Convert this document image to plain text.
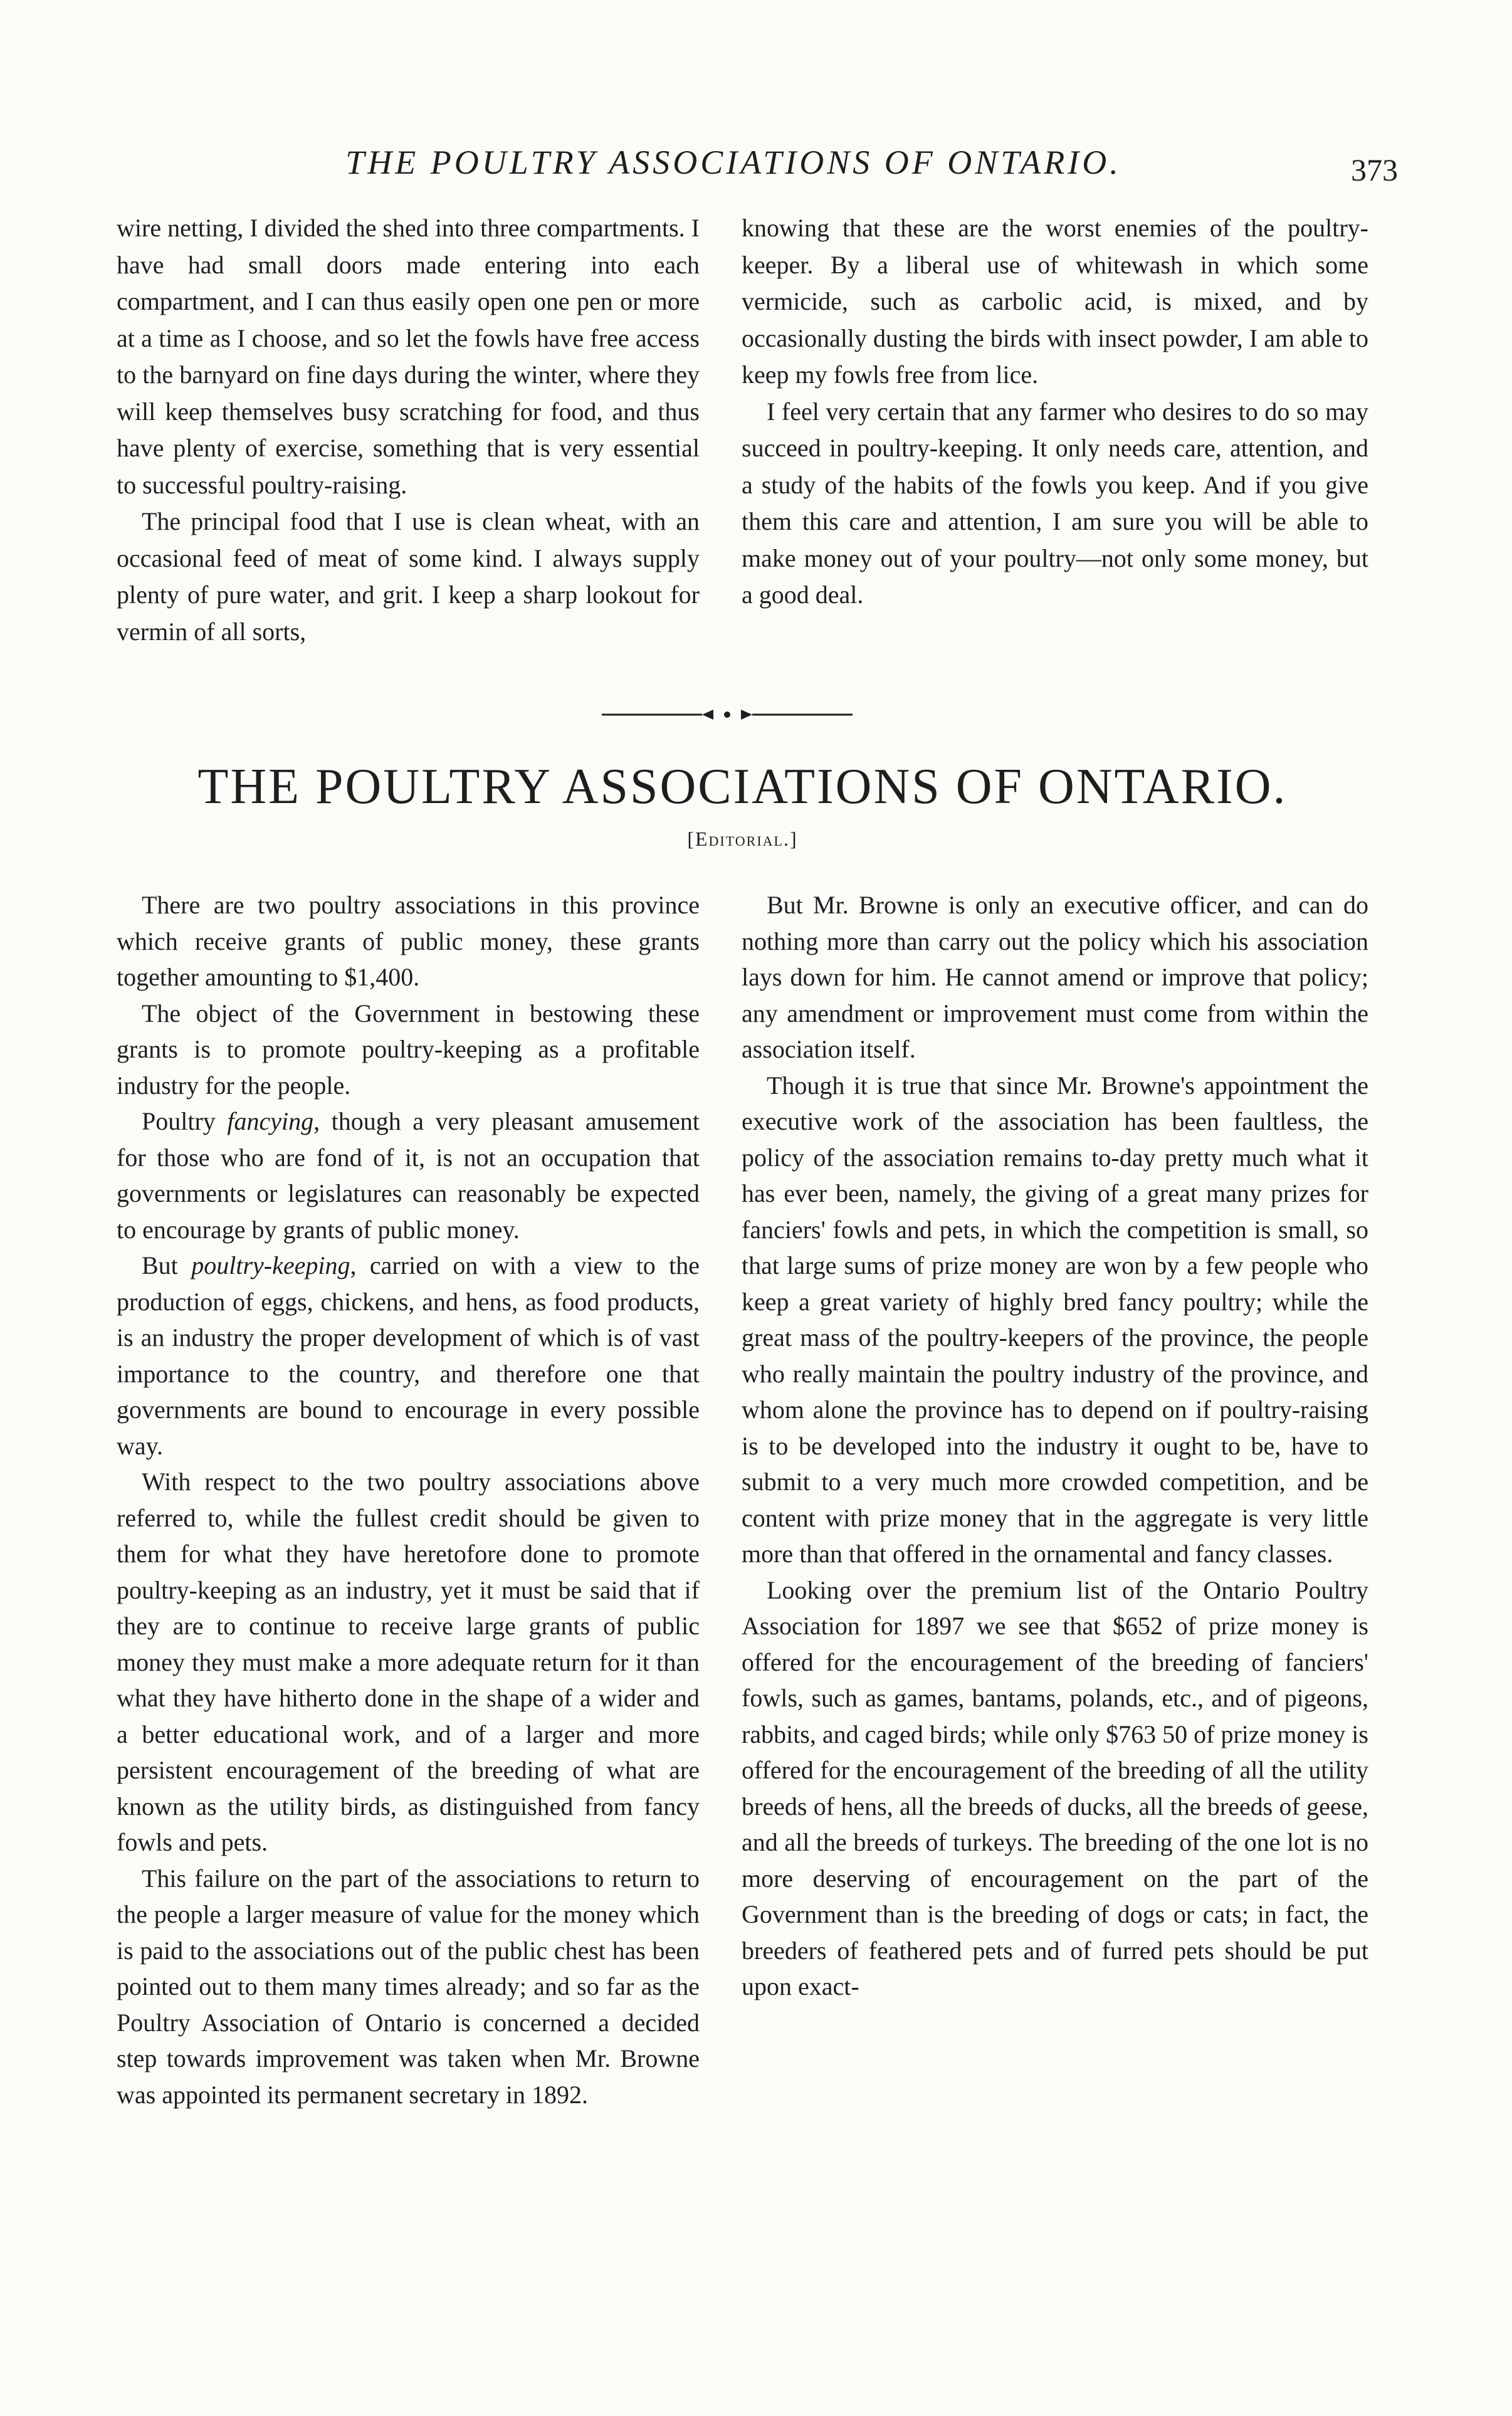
THE POULTRY ASSOCIATIONS OF ONTARIO.	373

wire netting, I divided the shed into three compartments. I have had small doors made entering into each compartment, and I can thus easily open one pen or more at a time as I choose, and so let the fowls have free access to the barnyard on fine days during the winter, where they will keep themselves busy scratching for food, and thus have plenty of exercise, something that is very essential to successful poultry-raising.

The principal food that I use is clean wheat, with an occasional feed of meat of some kind. I always supply plenty of pure water, and grit. I keep a sharp lookout for vermin of all sorts,

knowing that these are the worst enemies of the poultry-keeper. By a liberal use of whitewash in which some vermicide, such as carbolic acid, is mixed, and by occasionally dusting the birds with insect powder, I am able to keep my fowls free from lice.

I feel very certain that any farmer who desires to do so may succeed in poultry-keeping. It only needs care, attention, and a study of the habits of the fowls you keep. And if you give them this care and attention, I am sure you will be able to make money out of your poultry—not only some money, but a good deal.

THE POULTRY ASSOCIATIONS OF ONTARIO.
[Editorial.]

There are two poultry associations in this province which receive grants of public money, these grants together amounting to $1,400.

The object of the Government in bestowing these grants is to promote poultry-keeping as a profitable industry for the people.

Poultry fancying, though a very pleasant amusement for those who are fond of it, is not an occupation that governments or legislatures can reasonably be expected to encourage by grants of public money.

But poultry-keeping, carried on with a view to the production of eggs, chickens, and hens, as food products, is an industry the proper development of which is of vast importance to the country, and therefore one that governments are bound to encourage in every possible way.

With respect to the two poultry associations above referred to, while the fullest credit should be given to them for what they have heretofore done to promote poultry-keeping as an industry, yet it must be said that if they are to continue to receive large grants of public money they must make a more adequate return for it than what they have hitherto done in the shape of a wider and a better educational work, and of a larger and more persistent encouragement of the breeding of what are known as the utility birds, as distinguished from fancy fowls and pets.

This failure on the part of the associations to return to the people a larger measure of value for the money which is paid to the associations out of the public chest has been pointed out to them many times already; and so far as the Poultry Association of Ontario is concerned a decided step towards improvement was taken when Mr. Browne was appointed its permanent secretary in 1892.

But Mr. Browne is only an executive officer, and can do nothing more than carry out the policy which his association lays down for him. He cannot amend or improve that policy; any amendment or improvement must come from within the association itself.

Though it is true that since Mr. Browne's appointment the executive work of the association has been faultless, the policy of the association remains to-day pretty much what it has ever been, namely, the giving of a great many prizes for fanciers' fowls and pets, in which the competition is small, so that large sums of prize money are won by a few people who keep a great variety of highly bred fancy poultry; while the great mass of the poultry-keepers of the province, the people who really maintain the poultry industry of the province, and whom alone the province has to depend on if poultry-raising is to be developed into the industry it ought to be, have to submit to a very much more crowded competition, and be content with prize money that in the aggregate is very little more than that offered in the ornamental and fancy classes.

Looking over the premium list of the Ontario Poultry Association for 1897 we see that $652 of prize money is offered for the encouragement of the breeding of fanciers' fowls, such as games, bantams, polands, etc., and of pigeons, rabbits, and caged birds; while only $763 50 of prize money is offered for the encouragement of the breeding of all the utility breeds of hens, all the breeds of ducks, all the breeds of geese, and all the breeds of turkeys. The breeding of the one lot is no more deserving of encouragement on the part of the Government than is the breeding of dogs or cats; in fact, the breeders of feathered pets and of furred pets should be put upon exact-
